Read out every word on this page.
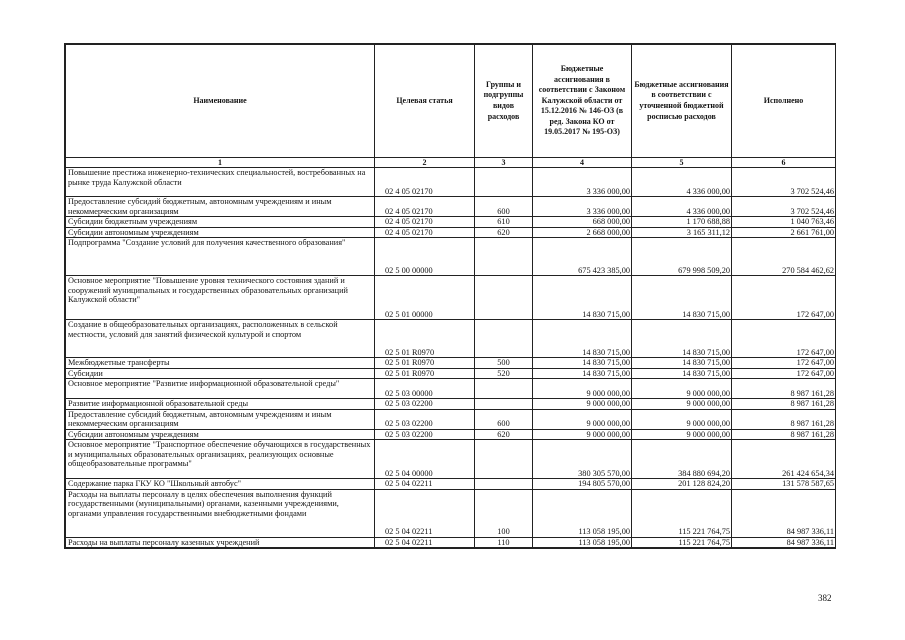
Наименование	Целевая статья	Группы и подгруппы видов расходов	Бюджетные ассигнования в соответствии с Законом Калужской области от 15.12.2016 № 146-ОЗ (в ред. Закона КО от 19.05.2017 № 195-ОЗ)	Бюджетные ассигнования в соответствии с уточненной бюджетной росписью расходов	Исполнено
1	2	3	4	5	6
Повышение престижа инженерно-технических специальностей, востребованных на рынке труда Калужской области	02 4 05 02170		3 336 000,00	4 336 000,00	3 702 524,46
Предоставление субсидий бюджетным, автономным учреждениям и иным некоммерческим организациям	02 4 05 02170	600	3 336 000,00	4 336 000,00	3 702 524,46
Субсидии бюджетным учреждениям	02 4 05 02170	610	668 000,00	1 170 688,88	1 040 763,46
Субсидии автономным учреждениям	02 4 05 02170	620	2 668 000,00	3 165 311,12	2 661 761,00
Подпрограмма "Создание условий для получения качественного образования"	02 5 00 00000		675 423 385,00	679 998 509,20	270 584 462,62
Основное мероприятие "Повышение уровня технического состояния зданий и сооружений муниципальных и государственных образовательных организаций Калужской области"	02 5 01 00000		14 830 715,00	14 830 715,00	172 647,00
Создание в общеобразовательных организациях, расположенных в сельской местности, условий для занятий физической культурой и спортом	02 5 01 R0970		14 830 715,00	14 830 715,00	172 647,00
Межбюджетные трансферты	02 5 01 R0970	500	14 830 715,00	14 830 715,00	172 647,00
Субсидии	02 5 01 R0970	520	14 830 715,00	14 830 715,00	172 647,00
Основное мероприятие "Развитие информационной образовательной среды"	02 5 03 00000		9 000 000,00	9 000 000,00	8 987 161,28
Развитие информационной образовательной среды	02 5 03 02200		9 000 000,00	9 000 000,00	8 987 161,28
Предоставление субсидий бюджетным, автономным учреждениям и иным некоммерческим организациям	02 5 03 02200	600	9 000 000,00	9 000 000,00	8 987 161,28
Субсидии автономным учреждениям	02 5 03 02200	620	9 000 000,00	9 000 000,00	8 987 161,28
Основное мероприятие "Транспортное обеспечение обучающихся в государственных и муниципальных образовательных организациях, реализующих основные общеобразовательные программы"	02 5 04 00000		380 305 570,00	384 880 694,20	261 424 654,34
Содержание парка ГКУ КО "Школьный автобус"	02 5 04 02211		194 805 570,00	201 128 824,20	131 578 587,65
Расходы на выплаты персоналу в целях обеспечения выполнения функций государственными (муниципальными) органами, казенными учреждениями, органами управления государственными внебюджетными фондами	02 5 04 02211	100	113 058 195,00	115 221 764,75	84 987 336,11
Расходы на выплаты персоналу казенных учреждений	02 5 04 02211	110	113 058 195,00	115 221 764,75	84 987 336,11
382
